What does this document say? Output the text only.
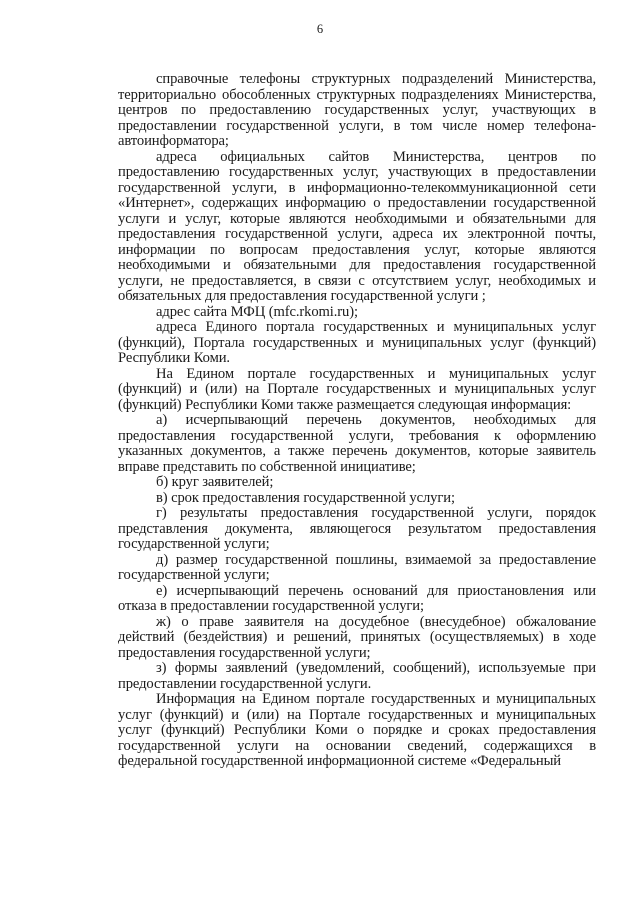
6

справочные телефоны структурных подразделений Министерства, территориально обособленных структурных подразделениях Министерства, центров по предоставлению государственных услуг, участвующих в предоставлении государственной услуги, в том числе номер телефона-автоинформатора;

адреса официальных сайтов Министерства, центров по предоставлению государственных услуг, участвующих в предоставлении государственной услуги, в информационно-телекоммуникационной сети «Интернет», содержащих информацию о предоставлении государственной услуги и услуг, которые являются необходимыми и обязательными для предоставления государственной услуги, адреса их электронной почты, информации по вопросам предоставления услуг, которые являются необходимыми и обязательными для предоставления государственной услуги, не предоставляется, в связи с отсутствием услуг, необходимых и обязательных для предоставления государственной услуги ;

адрес сайта МФЦ (mfc.rkomi.ru);

адреса Единого портала государственных и муниципальных услуг (функций), Портала государственных и муниципальных услуг (функций) Республики Коми.

На Едином портале государственных и муниципальных услуг (функций) и (или) на Портале государственных и муниципальных услуг (функций) Республики Коми также размещается следующая информация:

а) исчерпывающий перечень документов, необходимых для предоставления государственной услуги, требования к оформлению указанных документов, а также перечень документов, которые заявитель вправе представить по собственной инициативе;

б) круг заявителей;

в) срок предоставления государственной услуги;

г) результаты предоставления государственной услуги, порядок представления документа, являющегося результатом предоставления государственной услуги;

д) размер государственной пошлины, взимаемой за предоставление государственной услуги;

е) исчерпывающий перечень оснований для приостановления или отказа в предоставлении государственной услуги;

ж) о праве заявителя на досудебное (внесудебное) обжалование действий (бездействия) и решений, принятых (осуществляемых) в ходе предоставления государственной услуги;

з) формы заявлений (уведомлений, сообщений), используемые при предоставлении государственной услуги.

Информация на Едином портале государственных и муниципальных услуг (функций) и (или) на Портале государственных и муниципальных услуг (функций) Республики Коми о порядке и сроках предоставления государственной услуги на основании сведений, содержащихся в федеральной государственной информационной системе «Федеральный
